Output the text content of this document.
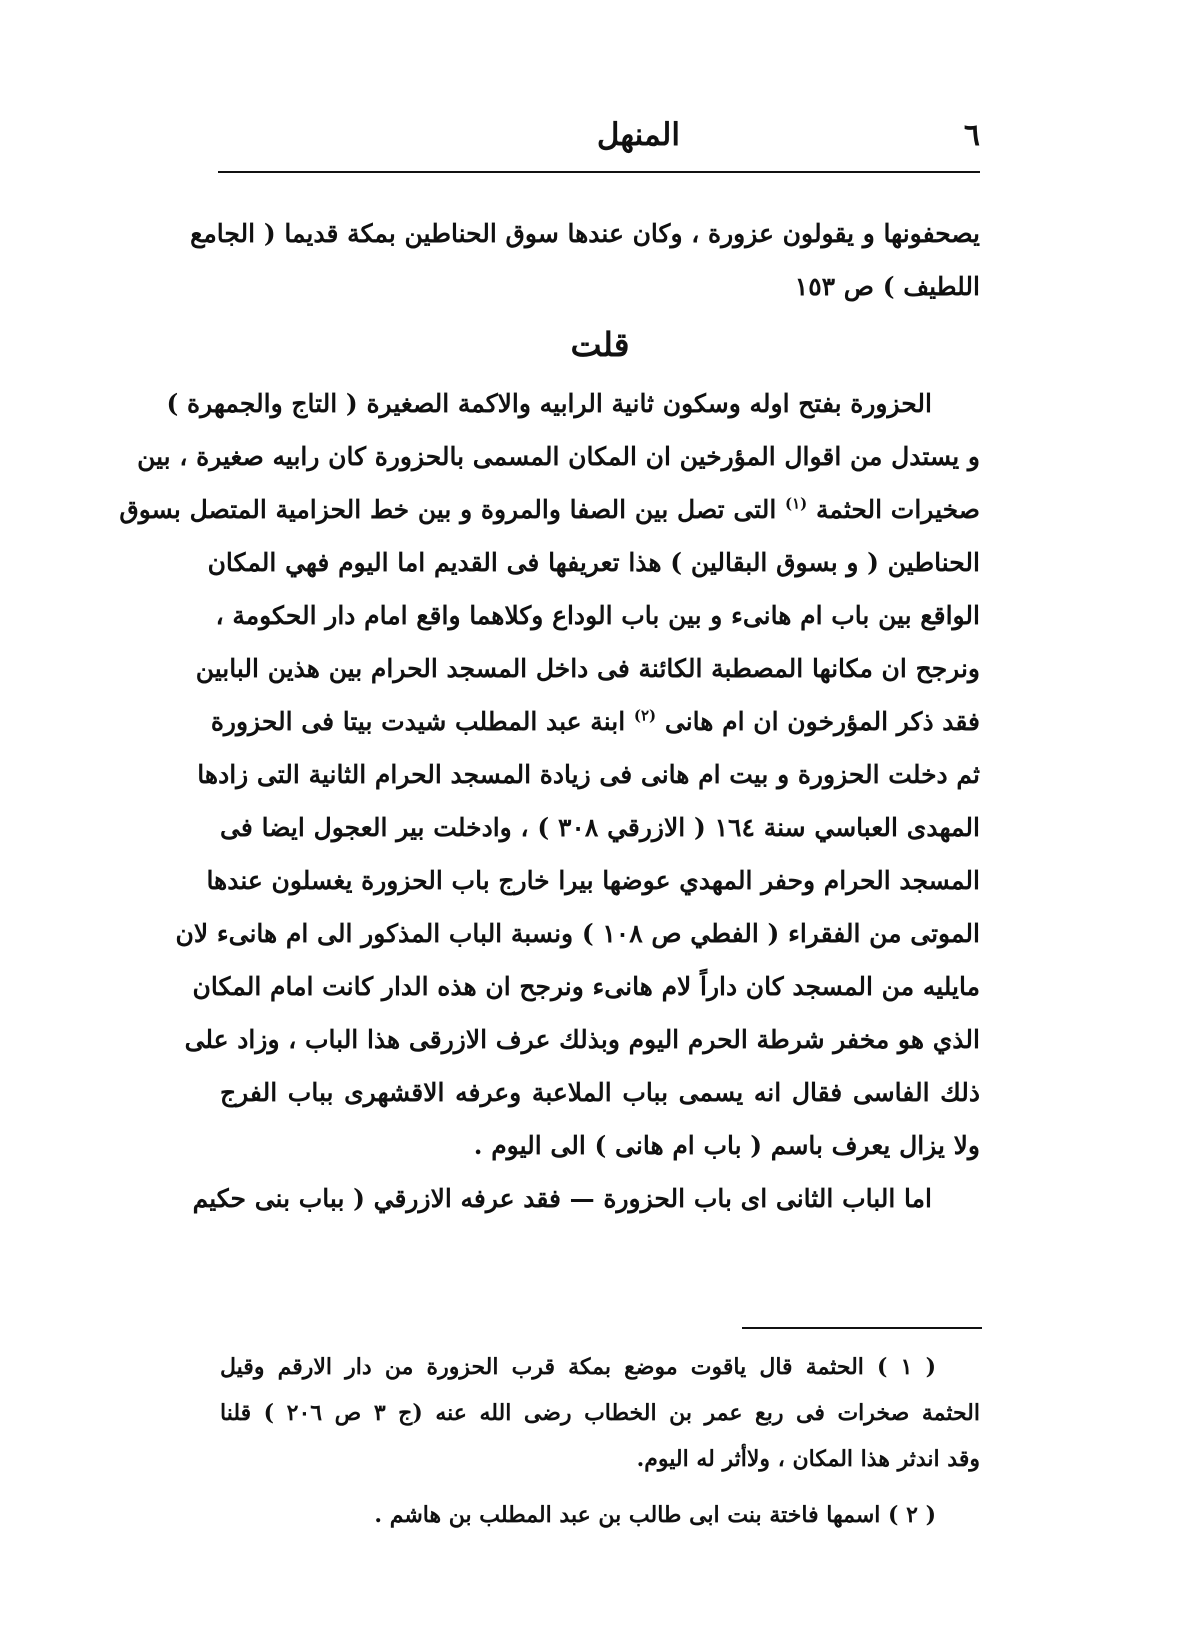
٦
المنهل
يصحفونها و يقولون عزورة ، وكان عندها سوق الحناطين بمكة قديما ( الجامع
اللطيف ) ص ١٥٣
قلت
الحزورة بفتح اوله وسكون ثانية الرابيه والاكمة الصغيرة ( التاج والجمهرة )
و يستدل من اقوال المؤرخين ان المكان المسمى بالحزورة كان رابيه صغيرة ، بين
صخيرات الحثمة $^{(١)}$ التى تصل بين الصفا والمروة و بين خط الحزامية المتصل بسوق
الحناطين ( و بسوق البقالين ) هذا تعريفها فى القديم اما اليوم فهي المكان
الواقع بين باب ام هانىء و بين باب الوداع وكلاهما واقع امام دار الحكومة ،
ونرجح ان مكانها المصطبة الكائنة فى داخل المسجد الحرام بين هذين البابين
فقد ذكر المؤرخون ان ام هانى $^{(٢)}$ ابنة عبد المطلب شيدت بيتا فى الحزورة
ثم دخلت الحزورة و بيت ام هانى فى زيادة المسجد الحرام الثانية التى زادها
المهدى العباسي سنة ١٦٤ ( الازرقي ٣٠٨ ) ، وادخلت بير العجول ايضا فى
المسجد الحرام وحفر المهدي عوضها بيرا خارج باب الحزورة يغسلون عندها
الموتى من الفقراء ( الفطي ص ١٠٨ ) ونسبة الباب المذكور الى ام هانىء لان
مايليه من المسجد كان داراً لام هانىء ونرجح ان هذه الدار كانت امام المكان
الذي هو مخفر شرطة الحرم اليوم وبذلك عرف الازرقى هذا الباب ، وزاد على
ذلك الفاسى فقال انه يسمى بباب الملاعبة وعرفه الاقشهرى بباب الفرج
ولا يزال يعرف باسم ( باب ام هانى ) الى اليوم .
اما الباب الثانى اى باب الحزورة — فقد عرفه الازرقي ( بباب بنى حكيم
( ١ ) الحثمة قال ياقوت موضع بمكة قرب الحزورة من دار الارقم وقيل
الحثمة صخرات فى ربع عمر بن الخطاب رضى الله عنه (ج ٣ ص ٢٠٦ ) قلنا
وقد اندثر هذا المكان ، ولاأثر له اليوم.
( ٢ ) اسمها فاختة بنت ابى طالب بن عبد المطلب بن هاشم .
